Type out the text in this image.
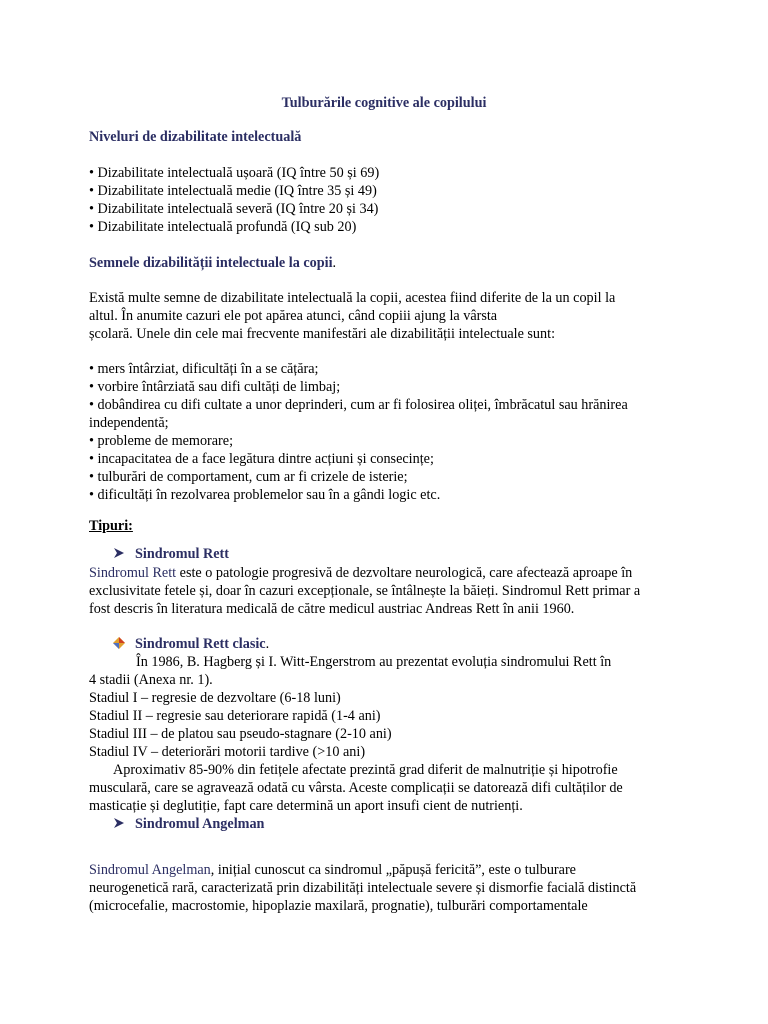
Tulburările cognitive ale copilului
Niveluri de dizabilitate intelectuală
• Dizabilitate intelectuală ușoară (IQ între 50 și 69)
• Dizabilitate intelectuală medie (IQ între 35 și 49)
• Dizabilitate intelectuală severă (IQ între 20 și 34)
• Dizabilitate intelectuală profundă (IQ sub 20)
Semnele dizabilității intelectuale la copii.
Există multe semne de dizabilitate intelectuală la copii, acestea fiind diferite de la un copil la
altul. În anumite cazuri ele pot apărea atunci, când copiii ajung la vârsta
școlară. Unele din cele mai frecvente manifestări ale dizabilității intelectuale sunt:
• mers întârziat, dificultăți în a se cățăra;
• vorbire întârziată sau difi cultăți de limbaj;
• dobândirea cu difi cultate a unor deprinderi, cum ar fi folosirea oliței, îmbrăcatul sau hrănirea
independentă;
• probleme de memorare;
• incapacitatea de a face legătura dintre acțiuni și consecințe;
• tulburări de comportament, cum ar fi crizele de isterie;
• dificultăți în rezolvarea problemelor sau în a gândi logic etc.
Tipuri:
Sindromul Rett
Sindromul Rett este o patologie progresivă de dezvoltare neurologică, care afectează aproape în
exclusivitate fetele și, doar în cazuri excepționale, se întâlnește la băieți. Sindromul Rett primar a
fost descris în literatura medicală de către medicul austriac Andreas Rett în anii 1960.
Sindromul Rett clasic.
În 1986, B. Hagberg și I. Witt-Engerstrom au prezentat evoluția sindromului Rett în
4 stadii (Anexa nr. 1).
Stadiul I – regresie de dezvoltare (6-18 luni)
Stadiul II – regresie sau deteriorare rapidă (1-4 ani)
Stadiul III – de platou sau pseudo-stagnare (2-10 ani)
Stadiul IV – deteriorări motorii tardive (>10 ani)
Aproximativ 85-90% din fetițele afectate prezintă grad diferit de malnutriție și hipotrofie
musculară, care se agravează odată cu vârsta. Aceste complicații se datorează difi cultăților de
masticație și deglutiție, fapt care determină un aport insufi cient de nutrienți.
Sindromul Angelman
Sindromul Angelman, inițial cunoscut ca sindromul „păpușă fericită”, este o tulburare
neurogenetică rară, caracterizată prin dizabilități intelectuale severe și dismorfie facială distinctă
(microcefalie, macrostomie, hipoplazie maxilară, prognatie), tulburări comportamentale
